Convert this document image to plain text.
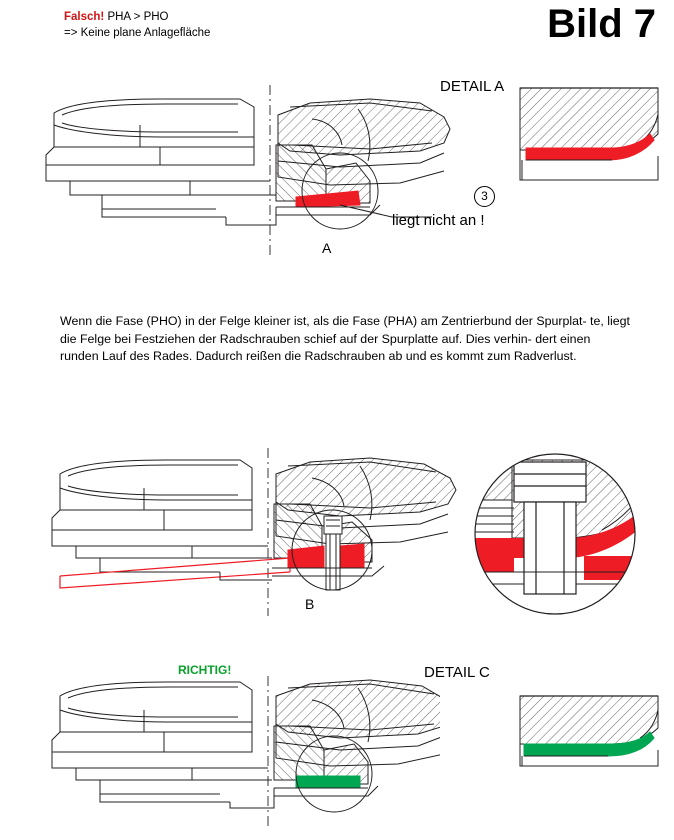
Falsch! PHA > PHO
=> Keine plane Anlagefläche	Bild 7
DETAIL A
liegt nicht an !
A
3
Wenn die Fase (PHO) in der Felge kleiner ist, als die Fase (PHA) am Zentrierbund der Spurplat- te, liegt die Felge bei Festziehen der Radschrauben schief auf der Spurplatte auf. Dies verhin- dert einen runden Lauf des Rades. Dadurch reißen die Radschrauben ab und es kommt zum Radverlust.
B
DETAIL C
RICHTIG!
